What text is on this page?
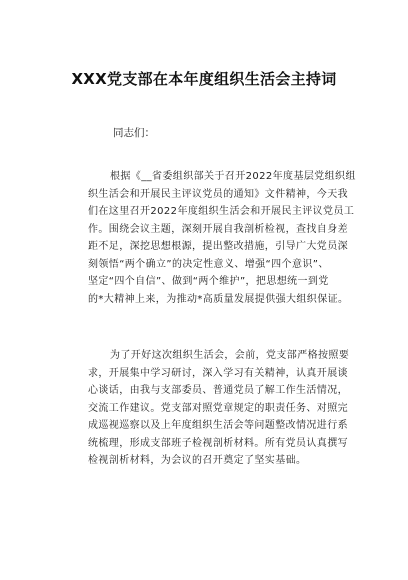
XXX党支部在本年度组织生活会主持词
同志们：
根据《__省委组织部关于召开2022年度基层党组织组
织生活会和开展民主评议党员的通知》文件精神，今天我
们在这里召开2022年度组织生活会和开展民主评议党员工
作。围绕会议主题，深刻开展自我剖析检视，查找自身差
距不足，深挖思想根源，提出整改措施，引导广大党员深
刻领悟“两个确立”的决定性意义、增强“四个意识”、
坚定“四个自信”、做到“两个维护”，把思想统一到党
的*大精神上来，为推动*高质量发展提供强大组织保证。
为了开好这次组织生活会，会前，党支部严格按照要
求，开展集中学习研讨，深入学习有关精神，认真开展谈
心谈话，由我与支部委员、普通党员了解工作生活情况，
交流工作建议。党支部对照党章规定的职责任务、对照完
成巡视巡察以及上年度组织生活会等问题整改情况进行系
统梳理，形成支部班子检视剖析材料。所有党员认真撰写
检视剖析材料，为会议的召开奠定了坚实基础。
